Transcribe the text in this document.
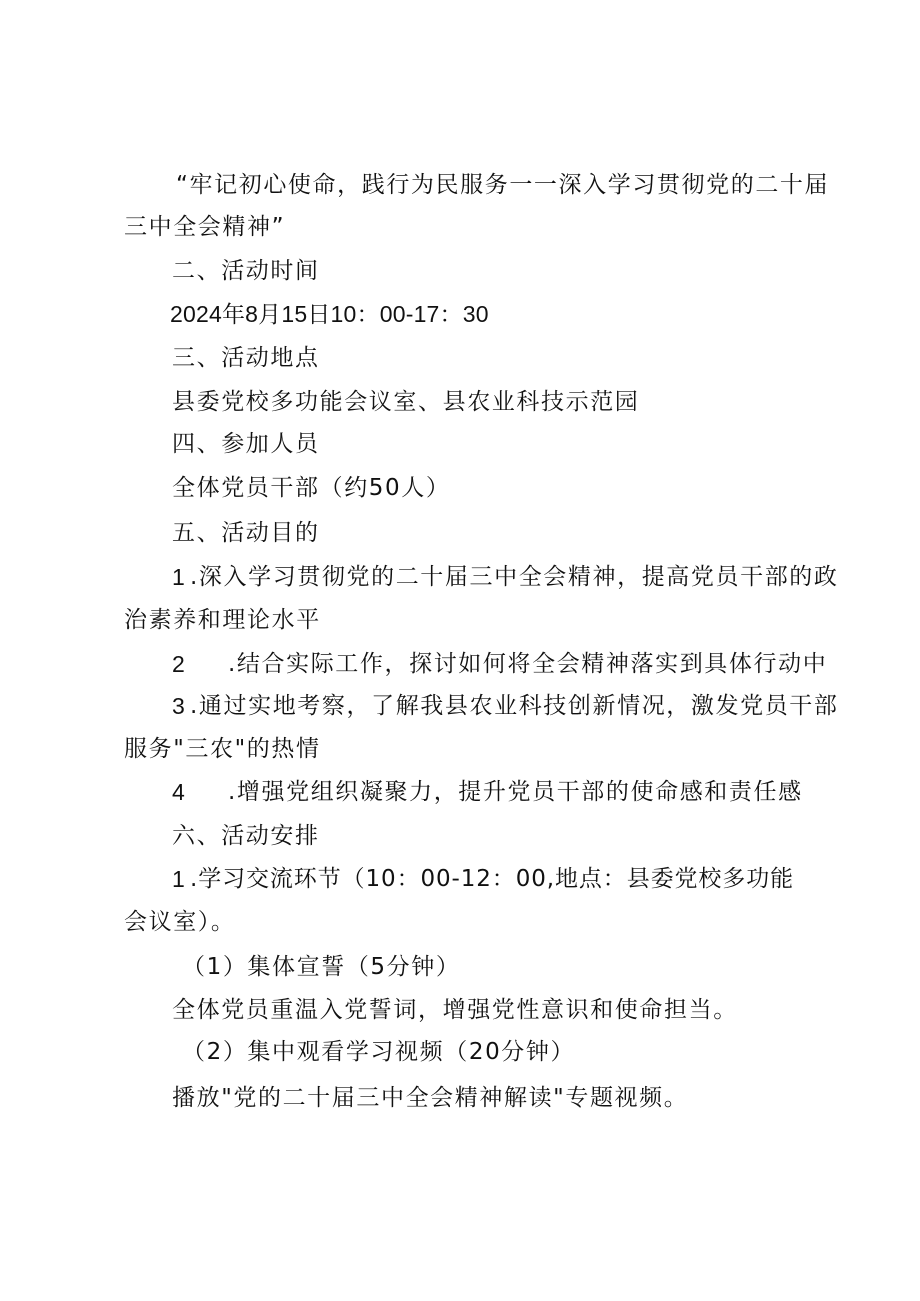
“牢记初心使命，践行为民服务一一深入学习贯彻党的二十届
三中全会精神”
二、活动时间
2024年8月15日10：00-17：30
三、活动地点
县委党校多功能会议室、县农业科技示范园
四、参加人员
全体党员干部（约50人）
五、活动目的
1 .深入学习贯彻党的二十届三中全会精神，提高党员干部的政
治素养和理论水平
2 .结合实际工作，探讨如何将全会精神落实到具体行动中
3 .通过实地考察，了解我县农业科技创新情况，激发党员干部
服务"三农"的热情
4 .增强党组织凝聚力，提升党员干部的使命感和责任感
六、活动安排
1 .学习交流环节（10：00-12：00,地点：县委党校多功能
会议室）。
（1）集体宣誓（5分钟）
全体党员重温入党誓词，增强党性意识和使命担当。
（2）集中观看学习视频（20分钟）
播放"党的二十届三中全会精神解读"专题视频。
